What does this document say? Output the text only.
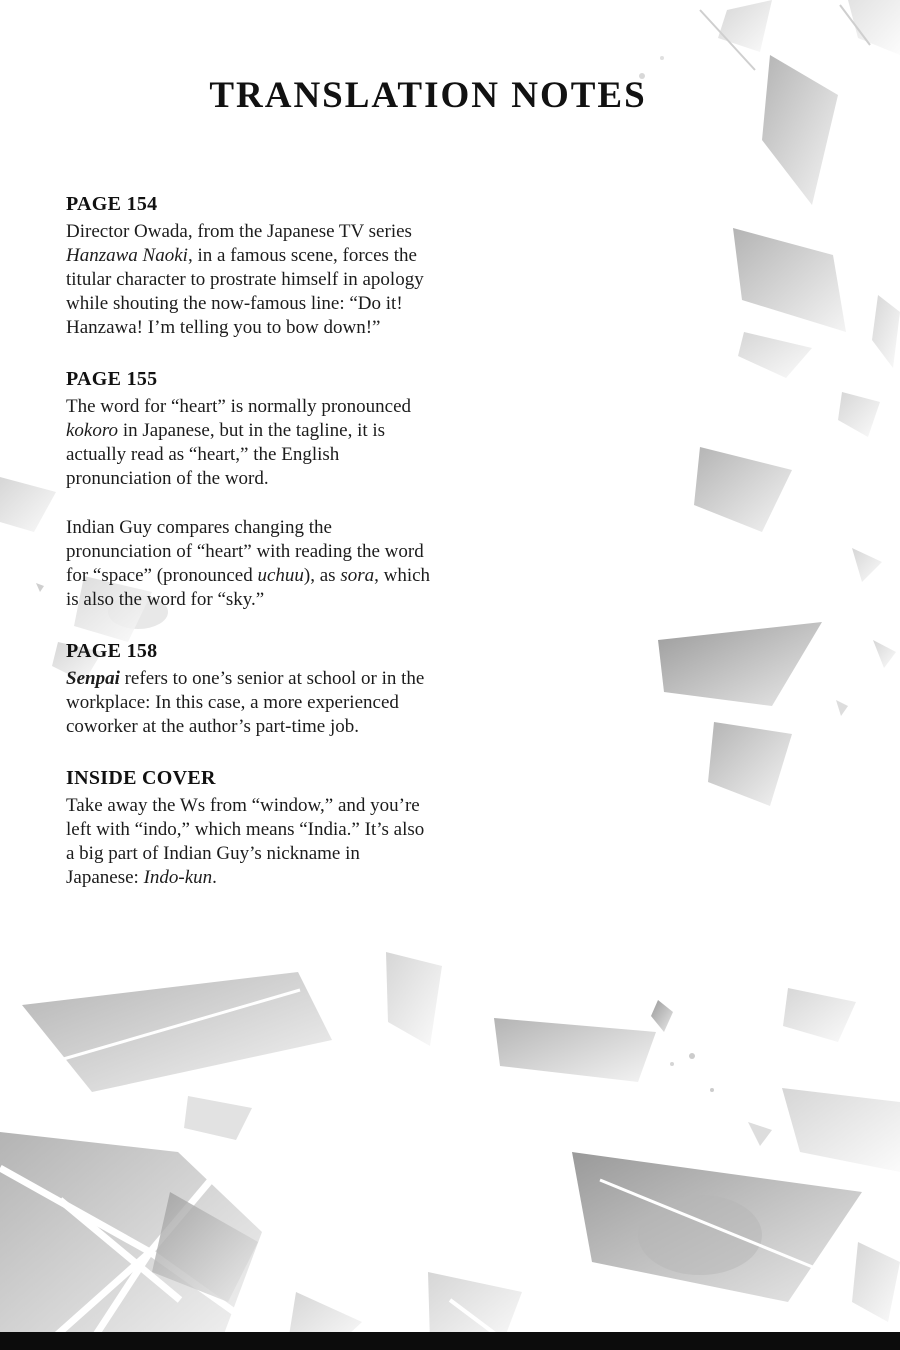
TRANSLATION NOTES
PAGE 154

Director Owada, from the Japanese TV series Hanzawa Naoki, in a famous scene, forces the titular character to prostrate himself in apology while shouting the now-famous line: “Do it! Hanzawa! I’m telling you to bow down!”

PAGE 155

The word for “heart” is normally pronounced kokoro in Japanese, but in the tagline, it is actually read as “heart,” the English pronunciation of the word.

Indian Guy compares changing the pronunciation of “heart” with reading the word for “space” (pronounced uchuu), as sora, which is also the word for “sky.”

PAGE 158

Senpai refers to one’s senior at school or in the workplace: In this case, a more experienced coworker at the author’s part-time job.

INSIDE COVER

Take away the Ws from “window,” and you’re left with “indo,” which means “India.” It’s also a big part of Indian Guy’s nickname in Japanese: Indo-kun.
